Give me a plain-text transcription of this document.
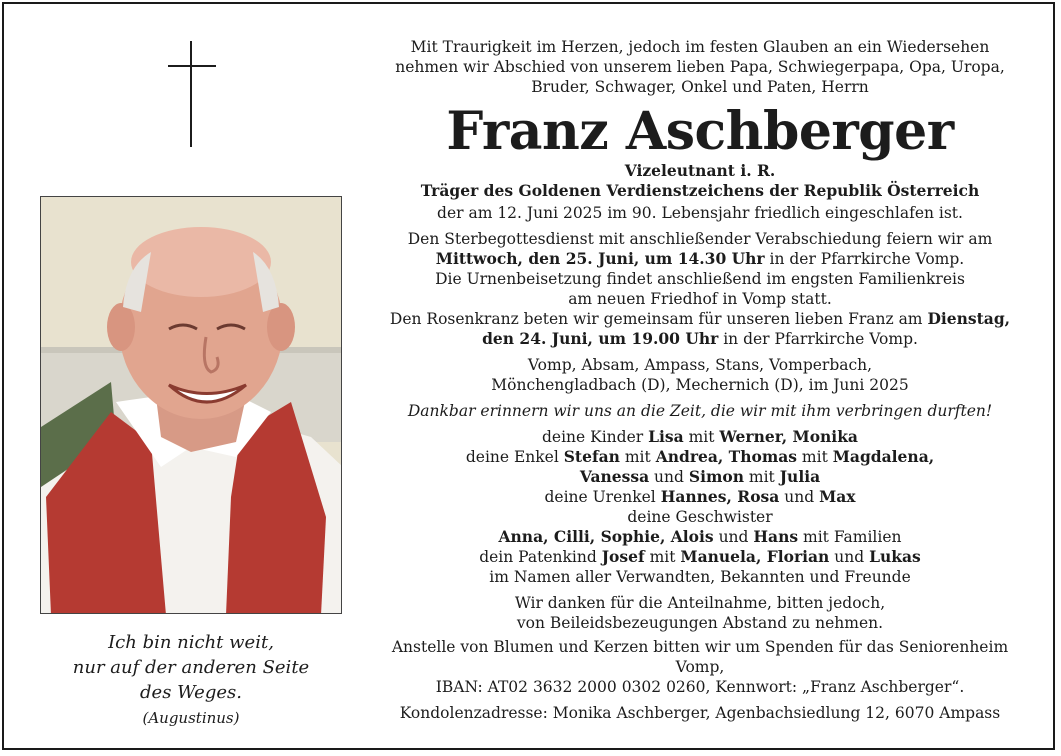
Ich bin nicht weit,
nur auf der anderen Seite
des Weges.
(Augustinus)
Mit Traurigkeit im Herzen, jedoch im festen Glauben an ein Wiedersehen
nehmen wir Abschied von unserem lieben Papa, Schwiegerpapa, Opa, Uropa,
Bruder, Schwager, Onkel und Paten, Herrn
Franz Aschberger
Vizeleutnant i. R.
Träger des Goldenen Verdienstzeichens der Republik Österreich
der am 12. Juni 2025 im 90. Lebensjahr friedlich eingeschlafen ist.
Den Sterbegottesdienst mit anschließender Verabschiedung feiern wir am
Mittwoch, den 25. Juni, um 14.30 Uhr in der Pfarrkirche Vomp.
Die Urnenbeisetzung findet anschließend im engsten Familienkreis
am neuen Friedhof in Vomp statt.
Den Rosenkranz beten wir gemeinsam für unseren lieben Franz am Dienstag,
den 24. Juni, um 19.00 Uhr in der Pfarrkirche Vomp.
Vomp, Absam, Ampass, Stans, Vomperbach,
Mönchengladbach (D), Mechernich (D), im Juni 2025
Dankbar erinnern wir uns an die Zeit, die wir mit ihm verbringen durften!
deine Kinder Lisa mit Werner, Monika
deine Enkel Stefan mit Andrea, Thomas mit Magdalena,
Vanessa und Simon mit Julia
deine Urenkel Hannes, Rosa und Max
deine Geschwister
Anna, Cilli, Sophie, Alois und Hans mit Familien
dein Patenkind Josef mit Manuela, Florian und Lukas
im Namen aller Verwandten, Bekannten und Freunde
Wir danken für die Anteilnahme, bitten jedoch,
von Beileidsbezeugungen Abstand zu nehmen.
Anstelle von Blumen und Kerzen bitten wir um Spenden für das Seniorenheim Vomp,
IBAN: AT02 3632 2000 0302 0260, Kennwort: „Franz Aschberger“.
Kondolenzadresse: Monika Aschberger, Agenbachsiedlung 12, 6070 Ampass
